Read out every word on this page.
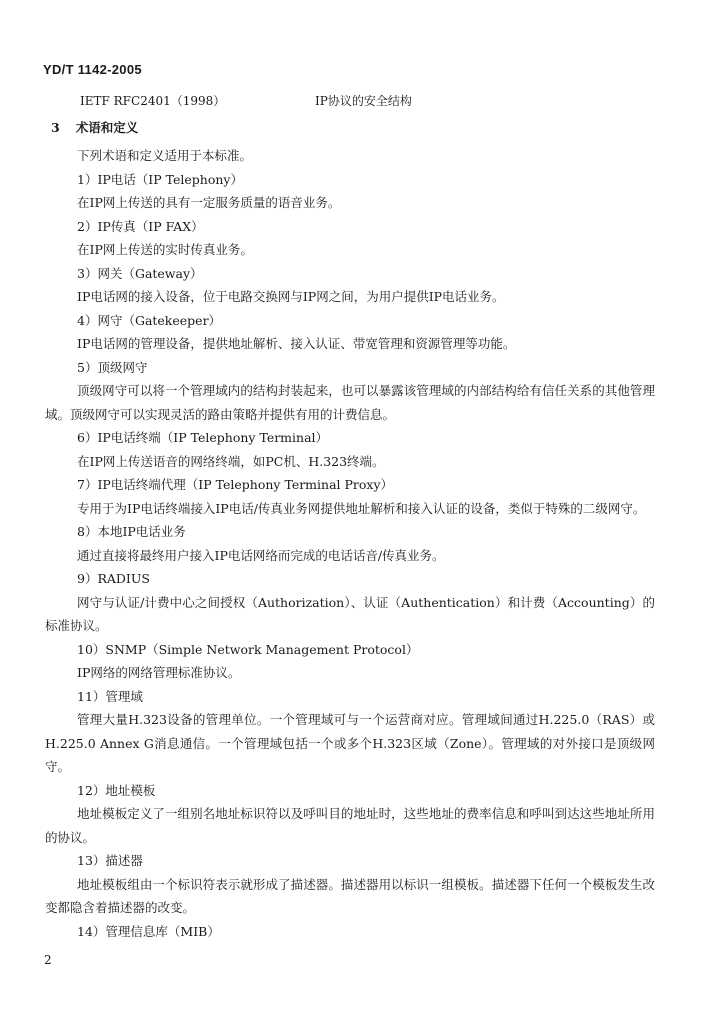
YD/T 1142-2005
IETF RFC2401（1998）	IP协议的安全结构
3 术语和定义
下列术语和定义适用于本标准。
1）IP电话（IP Telephony）
在IP网上传送的具有一定服务质量的语音业务。
2）IP传真（IP FAX）
在IP网上传送的实时传真业务。
3）网关（Gateway）
IP电话网的接入设备，位于电路交换网与IP网之间，为用户提供IP电话业务。
4）网守（Gatekeeper）
IP电话网的管理设备，提供地址解析、接入认证、带宽管理和资源管理等功能。
5）顶级网守
顶级网守可以将一个管理域内的结构封装起来，也可以暴露该管理域的内部结构给有信任关系的其他管理域。顶级网守可以实现灵活的路由策略并提供有用的计费信息。
6）IP电话终端（IP Telephony Terminal）
在IP网上传送语音的网络终端，如PC机、H.323终端。
7）IP电话终端代理（IP Telephony Terminal Proxy）
专用于为IP电话终端接入IP电话/传真业务网提供地址解析和接入认证的设备，类似于特殊的二级网守。
8）本地IP电话业务
通过直接将最终用户接入IP电话网络而完成的电话话音/传真业务。
9）RADIUS
网守与认证/计费中心之间授权（Authorization）、认证（Authentication）和计费（Accounting）的标准协议。
10）SNMP（Simple Network Management Protocol）
IP网络的网络管理标准协议。
11）管理域
管理大量H.323设备的管理单位。一个管理域可与一个运营商对应。管理域间通过H.225.0（RAS）或H.225.0 Annex G消息通信。一个管理域包括一个或多个H.323区域（Zone）。管理域的对外接口是顶级网守。
12）地址模板
地址模板定义了一组别名地址标识符以及呼叫目的地址时，这些地址的费率信息和呼叫到达这些地址所用的协议。
13）描述器
地址模板组由一个标识符表示就形成了描述器。描述器用以标识一组模板。描述器下任何一个模板发生改变都隐含着描述器的改变。
14）管理信息库（MIB）
2
